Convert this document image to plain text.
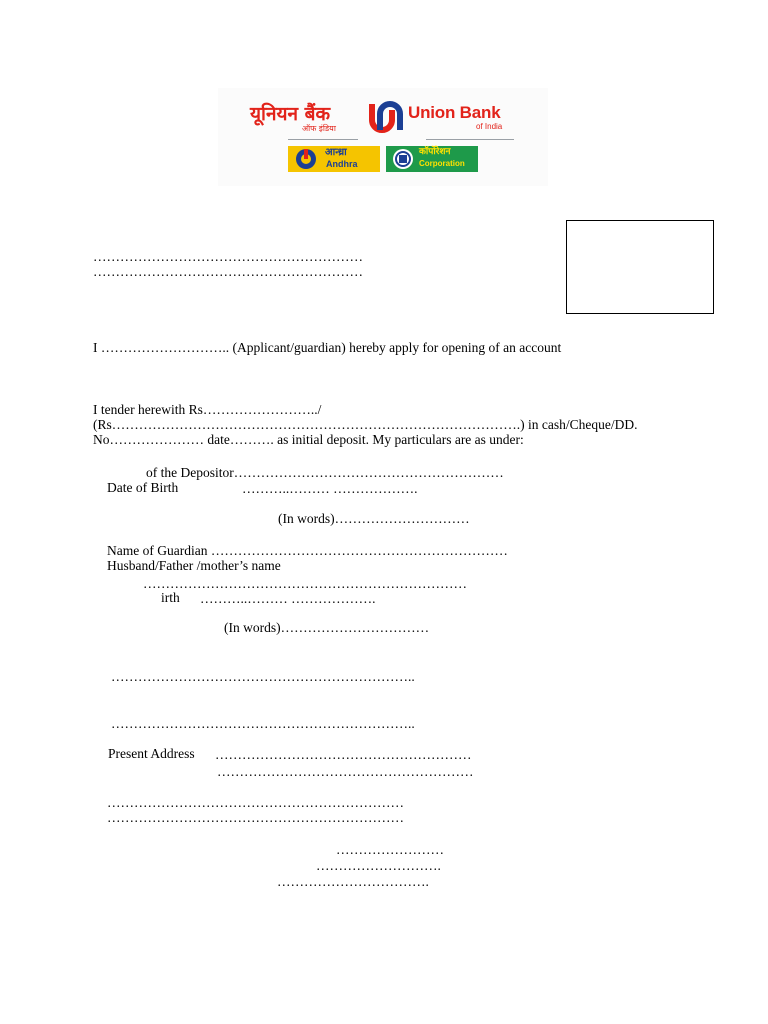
यूनियन बैंक
ऑफ इंडिया
Union Bank
of India
आन्ध्रा
Andhra
कॉर्पोरेशन
Corporation
……………………………………………………
……………………………………………………
I ……………………….. (Applicant/guardian) hereby apply for opening of an account
I tender herewith Rs……………………../
(Rs……………………………………………………………………………….) in cash/Cheque/DD.
No………………… date………. as initial deposit. My particulars are as under:
of the Depositor……………………………………………………
Date of Birth	………..……… ……………….
(In words)…………………………
Name of Guardian …………………………………………………………
Husband/Father /mother’s name
………………………………………………………………
irth ………..……… ……………….
(In words)……………………………
…………………………………………………………..
…………………………………………………………..
Present Address …………………………………………………
…………………………………………………
…………………………………………………………
…………………………………………………………
……………………
……………………….
…………………………….
